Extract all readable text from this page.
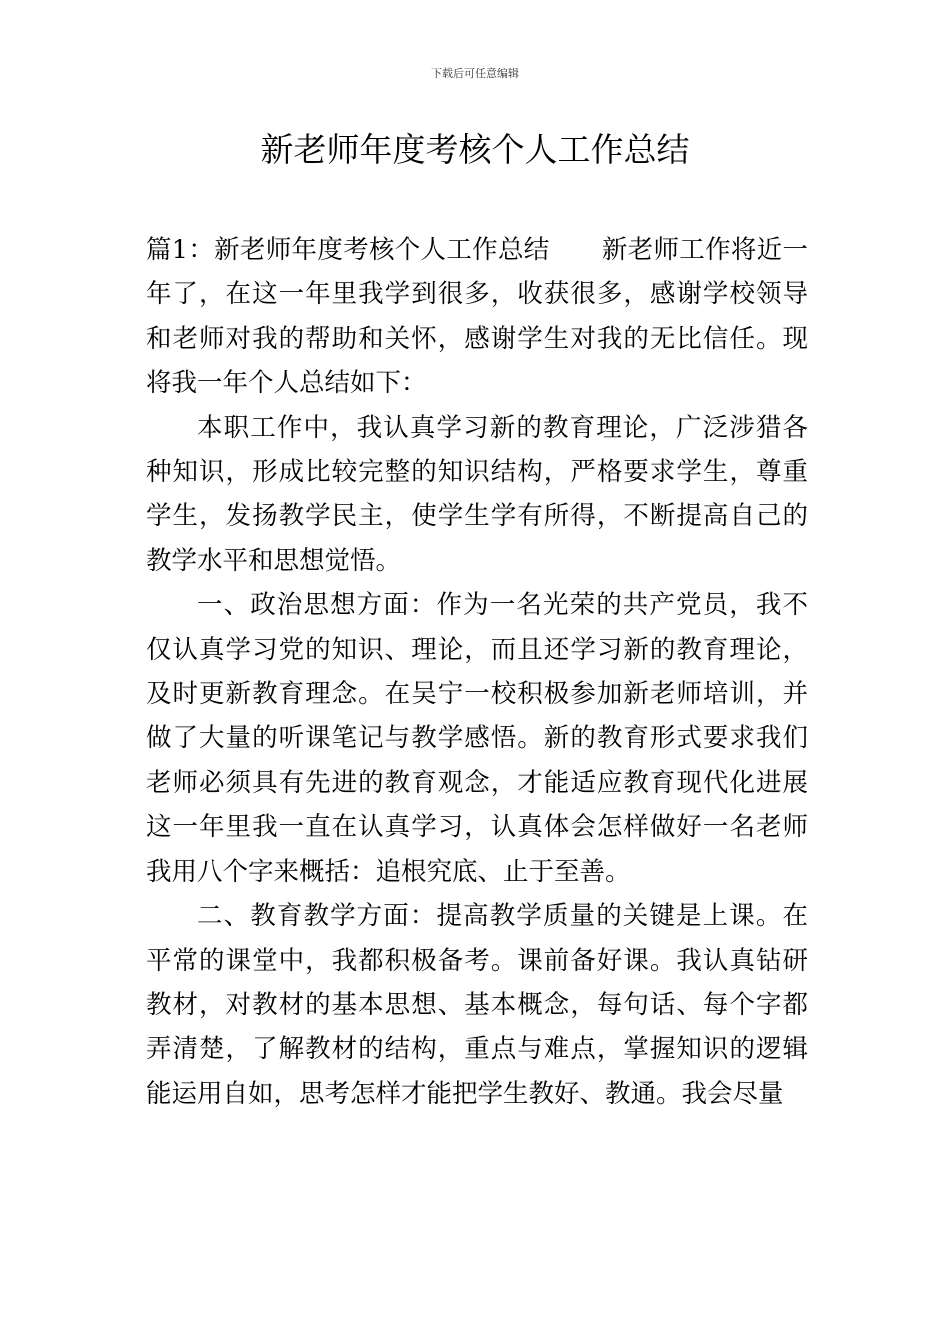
下载后可任意编辑
新老师年度考核个人工作总结

篇1：新老师年度考核个人工作总结 新老师工作将近一年了，在这一年里我学到很多，收获很多，感谢学校领导和老师对我的帮助和关怀，感谢学生对我的无比信任。现将我一年个人总结如下：

本职工作中，我认真学习新的教育理论，广泛涉猎各种知识，形成比较完整的知识结构，严格要求学生，尊重学生，发扬教学民主，使学生学有所得，不断提高自己的教学水平和思想觉悟。

一、政治思想方面：作为一名光荣的共产党员，我不仅认真学习党的知识、理论，而且还学习新的教育理论，及时更新教育理念。在吴宁一校积极参加新老师培训，并做了大量的听课笔记与教学感悟。新的教育形式要求我们老师必须具有先进的教育观念，才能适应教育现代化进展这一年里我一直在认真学习，认真体会怎样做好一名老师我用八个字来概括：追根究底、止于至善。

二、教育教学方面：提高教学质量的关键是上课。在平常的课堂中，我都积极备考。课前备好课。我认真钻研教材，对教材的基本思想、基本概念，每句话、每个字都弄清楚，了解教材的结构，重点与难点，掌握知识的逻辑能运用自如，思考怎样才能把学生教好、教通。我会尽量
